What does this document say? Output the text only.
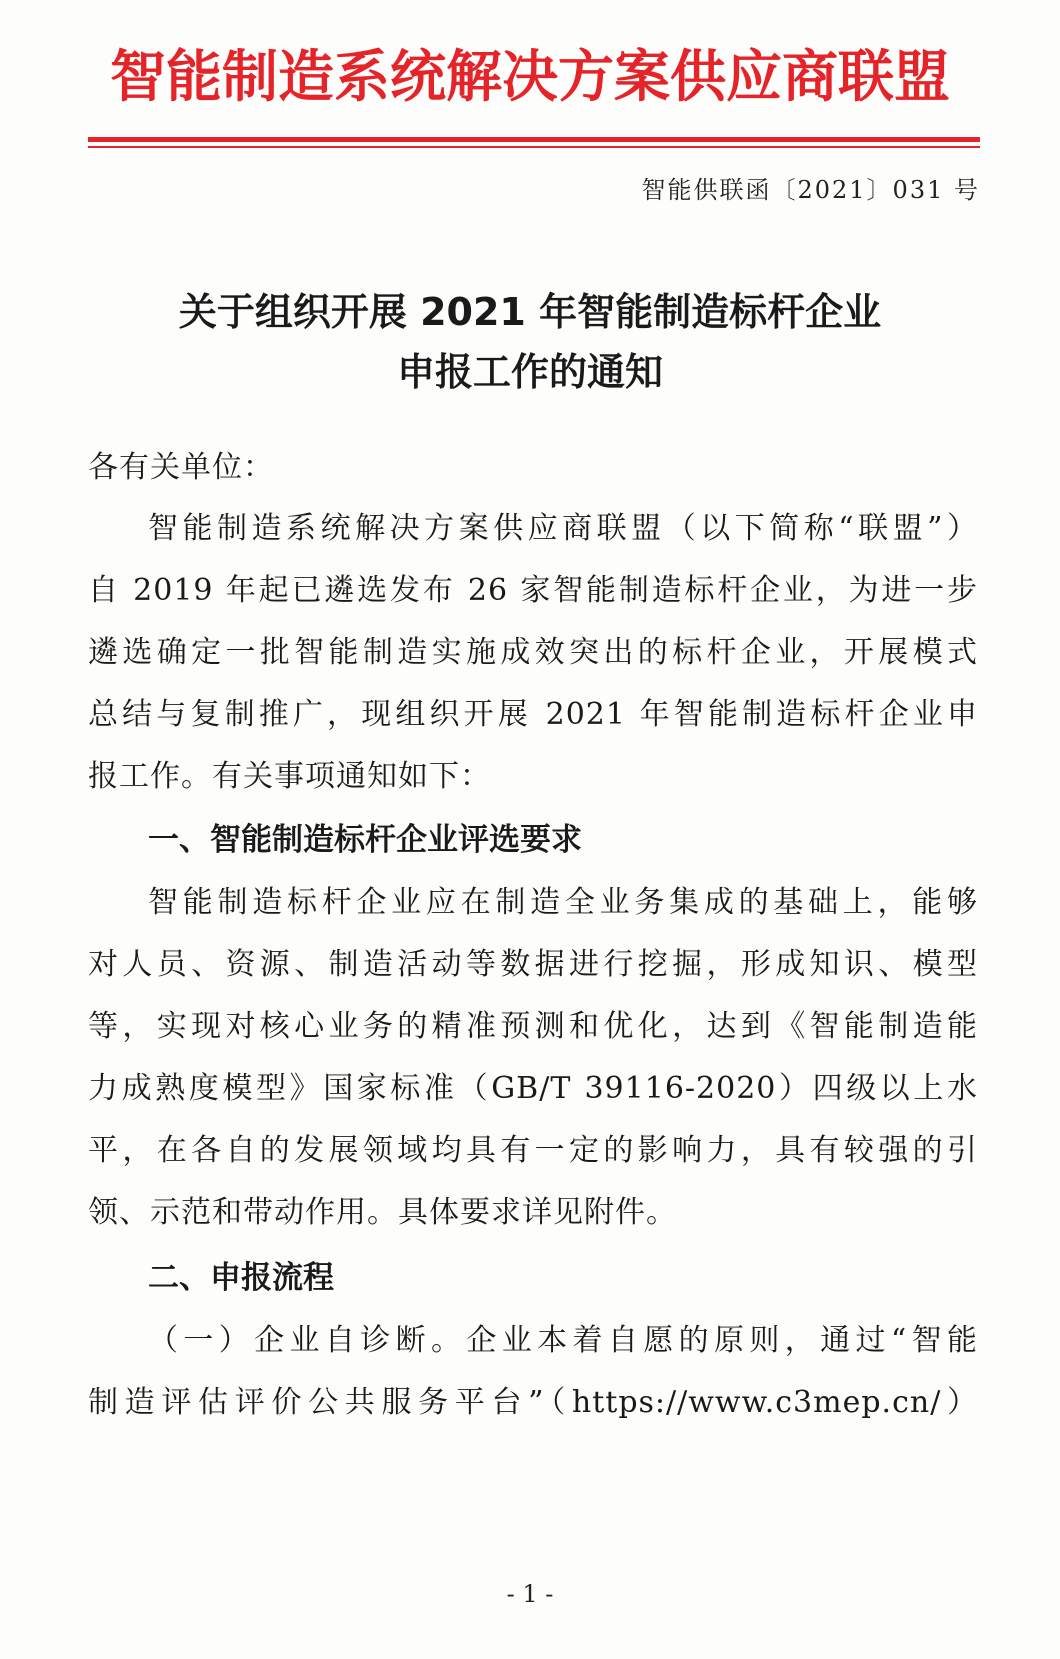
智能制造系统解决方案供应商联盟
智能供联函〔2021〕031 号
关于组织开展 2021 年智能制造标杆企业
申报工作的通知
各有关单位：
智能制造系统解决方案供应商联盟（以下简称“联盟”）
自 2019 年起已遴选发布 26 家智能制造标杆企业，为进一步
遴选确定一批智能制造实施成效突出的标杆企业，开展模式
总结与复制推广，现组织开展 2021 年智能制造标杆企业申
报工作。有关事项通知如下：
一、智能制造标杆企业评选要求
智能制造标杆企业应在制造全业务集成的基础上，能够
对人员、资源、制造活动等数据进行挖掘，形成知识、模型
等，实现对核心业务的精准预测和优化，达到《智能制造能
力成熟度模型》国家标准（GB/T 39116-2020）四级以上水
平，在各自的发展领域均具有一定的影响力，具有较强的引
领、示范和带动作用。具体要求详见附件。
二、申报流程
（一）企业自诊断。企业本着自愿的原则，通过“智能
制造评估评价公共服务平台”（https://www.c3mep.cn/）
- 1 -
